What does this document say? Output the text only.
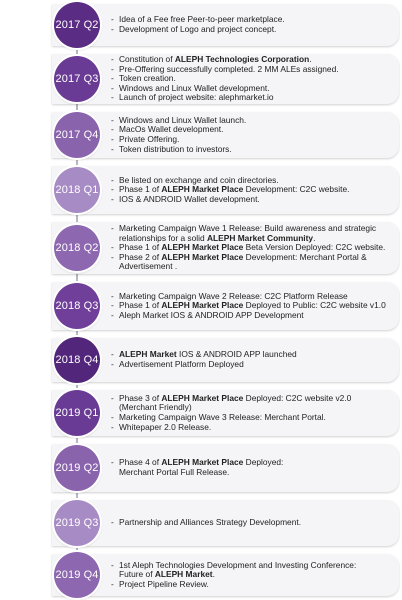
2017 Q2	- Idea of a Fee free Peer-to-peer marketplace.
- Development of Logo and project concept.
2017 Q3
- Constitution of ALEPH Technologies Corporation.
- Pre-Offering successfully completed. 2 MM ALEs assigned.
- Token creation.
- Windows and Linux Wallet development.
- Launch of project website: alephmarket.io
2017 Q4
- Windows and Linux Wallet launch.
- MacOs Wallet development.
- Private Offering.
- Token distribution to investors.
2018 Q1
- Be listed on exchange and coin directories.
- Phase 1 of ALEPH Market Place Development: C2C website.
- IOS & ANDROID Wallet development.
2018 Q2
- Marketing Campaign Wave 1 Release: Build awareness and strategic
relationships for a solid ALEPH Market Community.
- Phase 1 of ALEPH Market Place Beta Version Deployed: C2C website.
- Phase 2 of ALEPH Market Place Development: Merchant Portal &
Advertisement .
2018 Q3
- Marketing Campaign Wave 2 Release: C2C Platform Release
- Phase 1 of ALEPH Market Place Deployed to Public: C2C website v1.0
- Aleph Market IOS & ANDROID APP Development
2018 Q4	- ALEPH Market IOS & ANDROID APP launched
- Advertisement Platform Deployed
2019 Q1
- Phase 3 of ALEPH Market Place Deployed: C2C website v2.0
(Merchant Friendly)
- Marketing Campaign Wave 3 Release: Merchant Portal.
- Whitepaper 2.0 Release.
2019 Q2	- Phase 4 of ALEPH Market Place Deployed:
Merchant Portal Full Release.
2019 Q3	- Partnership and Alliances Strategy Development.
2019 Q4
- 1st Aleph Technologies Development and Investing Conference:
Future of ALEPH Market.
- Project Pipeline Review.
